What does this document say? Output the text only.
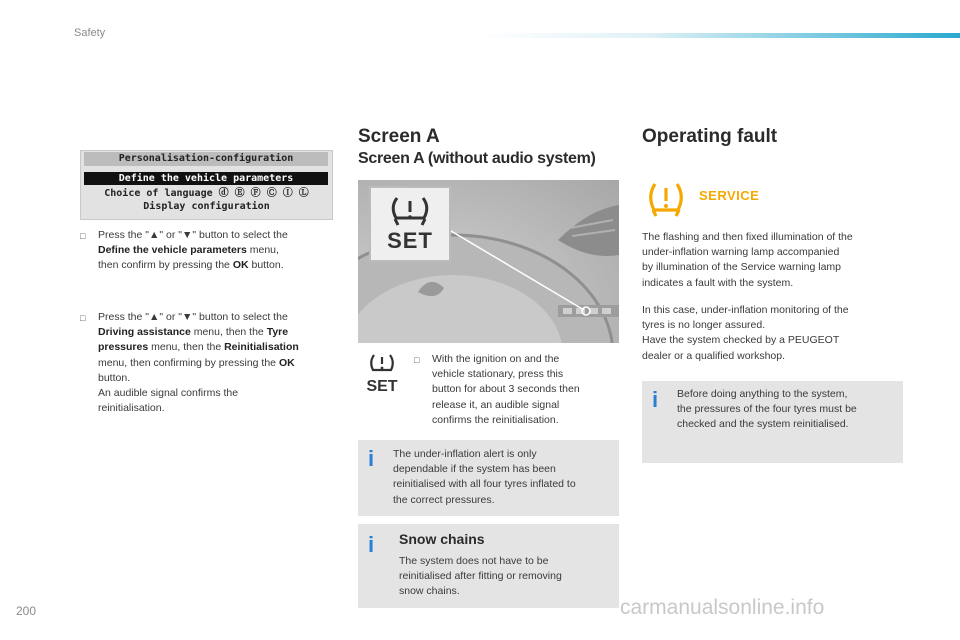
Safety
Personalisation-configuration
Define the vehicle parameters
Choice of language ⓓ Ⓔ Ⓕ Ⓒ Ⓘ Ⓛ
Display configuration
□ Press the "▲" or "▼" button to select the
Define the vehicle parameters menu,
then confirm by pressing the OK button.
□ Press the "▲" or "▼" button to select the
Driving assistance menu, then the Tyre
pressures menu, then the Reinitialisation
menu, then confirming by pressing the OK
button.
An audible signal confirms the
reinitialisation.
Screen A
Screen A (without audio system)
SET
SET
□ With the ignition on and the
vehicle stationary, press this
button for about 3 seconds then
release it, an audible signal
confirms the reinitialisation.
i The under-inflation alert is only
dependable if the system has been
reinitialised with all four tyres inflated to
the correct pressures.
i Snow chains
The system does not have to be
reinitialised after fitting or removing
snow chains.
Operating fault
SERVICE
The flashing and then fixed illumination of the
under-inflation warning lamp accompanied
by illumination of the Service warning lamp
indicates a fault with the system.
In this case, under-inflation monitoring of the
tyres is no longer assured.
Have the system checked by a PEUGEOT
dealer or a qualified workshop.
i Before doing anything to the system,
the pressures of the four tyres must be
checked and the system reinitialised.
200	carmanualsonline.info
